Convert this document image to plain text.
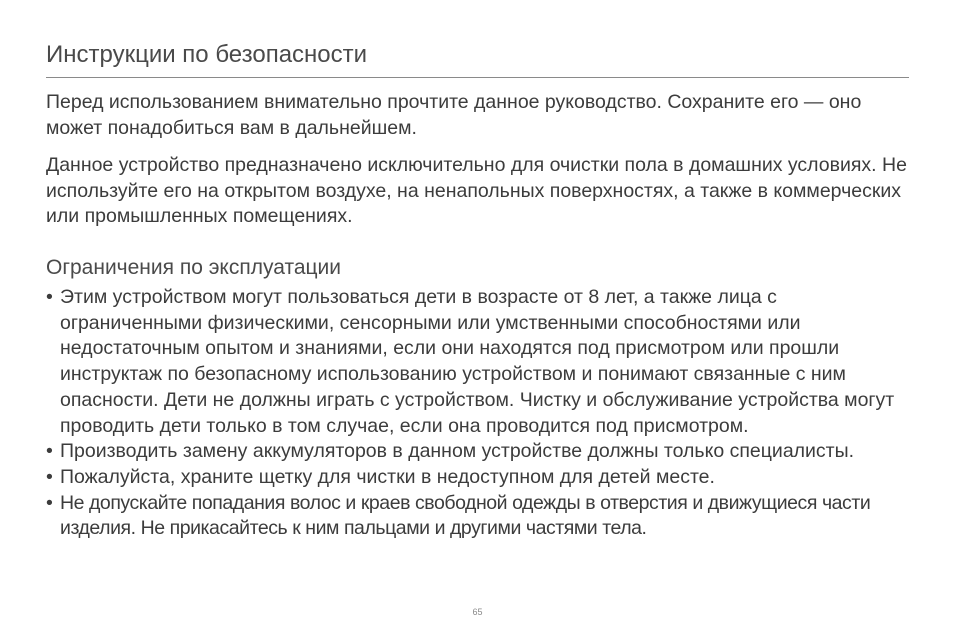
Инструкции по безопасности

Перед использованием внимательно прочтите данное руководство. Сохраните его — оно может понадобиться вам в дальнейшем.

Данное устройство предназначено исключительно для очистки пола в домашних условиях. Не используйте его на открытом воздухе, на ненапольных поверхностях, а также в коммерческих или промышленных помещениях.

Ограничения по эксплуатации
• Этим устройством могут пользоваться дети в возрасте от 8 лет, а также лица с ограниченными физическими, сенсорными или умственными способностями или недостаточным опытом и знаниями, если они находятся под присмотром или прошли инструктаж по безопасному использованию устройством и понимают связанные с ним опасности. Дети не должны играть с устройством. Чистку и обслуживание устройства могут проводить дети только в том случае, если она проводится под присмотром.
• Производить замену аккумуляторов в данном устройстве должны только специалисты.
• Пожалуйста, храните щетку для чистки в недоступном для детей месте.
• Не допускайте попадания волос и краев свободной одежды в отверстия и движущиеся части изделия. Не прикасайтесь к ним пальцами и другими частями тела.
65
